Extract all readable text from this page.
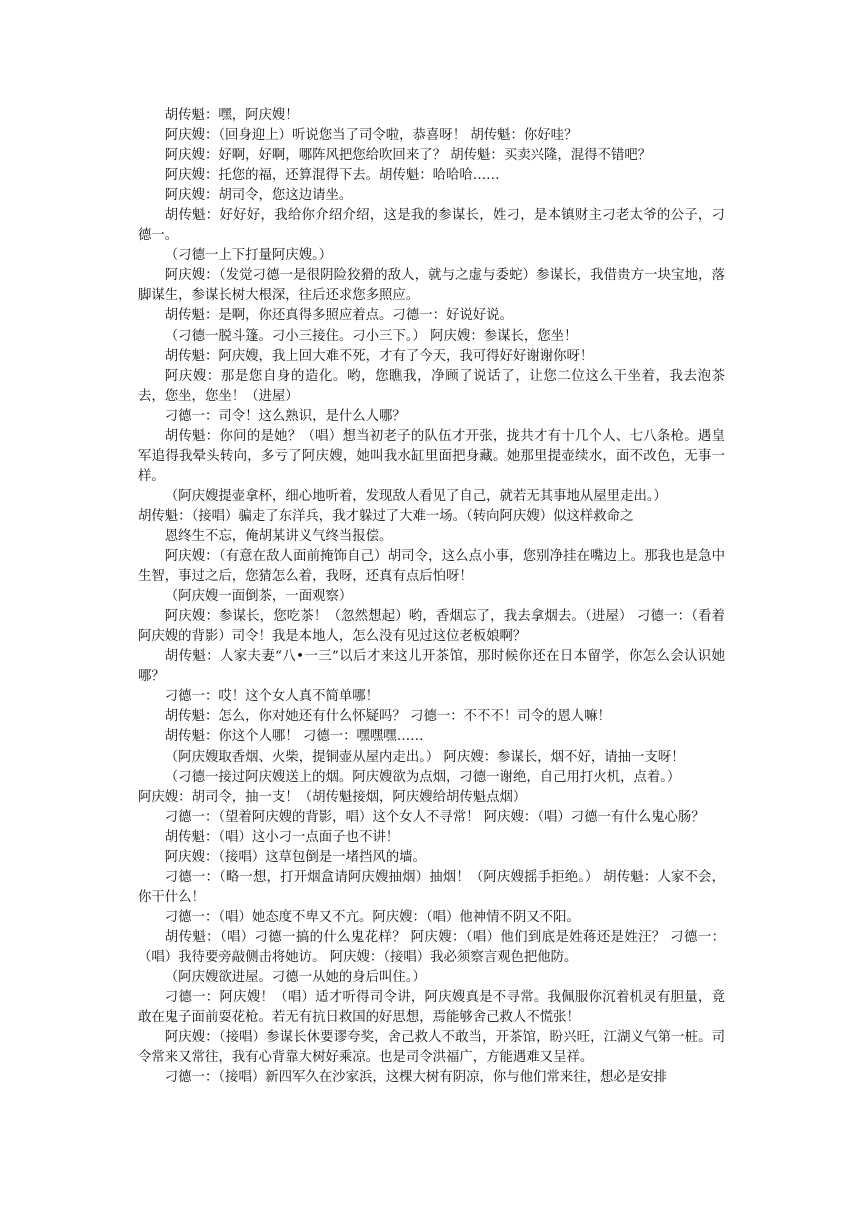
胡传魁：嘿，阿庆嫂！

阿庆嫂：（回身迎上）听说您当了司令啦，恭喜呀！ 胡传魁：你好哇？

阿庆嫂：好啊，好啊，哪阵风把您给吹回来了？ 胡传魁：买卖兴隆，混得不错吧？

阿庆嫂：托您的福，还算混得下去。胡传魁：哈哈哈……

阿庆嫂：胡司令，您这边请坐。

胡传魁：好好好，我给你介绍介绍，这是我的参谋长，姓刁，是本镇财主刁老太爷的公子，刁德一。

（刁德一上下打量阿庆嫂。）

阿庆嫂：（发觉刁德一是很阴险狡猾的敌人，就与之虚与委蛇）参谋长，我借贵方一块宝地，落脚谋生，参谋长树大根深，往后还求您多照应。

胡传魁：是啊，你还真得多照应着点。刁德一：好说好说。

（刁德一脱斗篷。刁小三接住。刁小三下。） 阿庆嫂：参谋长，您坐！

胡传魁：阿庆嫂，我上回大难不死，才有了今天，我可得好好谢谢你呀！

阿庆嫂：那是您自身的造化。哟，您瞧我，净顾了说话了，让您二位这么干坐着，我去泡茶去，您坐，您坐！（进屋）

刁德一：司令！这么熟识，是什么人哪？

胡传魁：你问的是她？（唱）想当初老子的队伍才开张，拢共才有十几个人、七八条枪。遇皇军追得我晕头转向，多亏了阿庆嫂，她叫我水缸里面把身藏。她那里提壶续水，面不改色，无事一样。

（阿庆嫂提壶拿杯，细心地听着，发现敌人看见了自己，就若无其事地从屋里走出。）

胡传魁：（接唱）骗走了东洋兵，我才躲过了大难一场。（转向阿庆嫂）似这样救命之

恩终生不忘，俺胡某讲义气终当报偿。

阿庆嫂：（有意在敌人面前掩饰自己）胡司令，这么点小事，您别净挂在嘴边上。那我也是急中生智，事过之后，您猜怎么着，我呀，还真有点后怕呀！

（阿庆嫂一面倒茶，一面观察）

阿庆嫂：参谋长，您吃茶！（忽然想起）哟，香烟忘了，我去拿烟去。（进屋） 刁德一：（看着阿庆嫂的背影）司令！我是本地人，怎么没有见过这位老板娘啊？

胡传魁：人家夫妻“八•一三”以后才来这儿开茶馆，那时候你还在日本留学，你怎么会认识她哪？

刁德一：哎！这个女人真不简单哪！

胡传魁：怎么，你对她还有什么怀疑吗？ 刁德一：不不不！司令的恩人嘛！

胡传魁：你这个人哪！ 刁德一：嘿嘿嘿……

（阿庆嫂取香烟、火柴，提铜壶从屋内走出。） 阿庆嫂：参谋长，烟不好，请抽一支呀！

（刁德一接过阿庆嫂送上的烟。阿庆嫂欲为点烟，刁德一谢绝，自己用打火机，点着。）

阿庆嫂：胡司令，抽一支！（胡传魁接烟，阿庆嫂给胡传魁点烟）

刁德一：（望着阿庆嫂的背影，唱）这个女人不寻常！ 阿庆嫂：（唱）刁德一有什么鬼心肠？

胡传魁：（唱）这小刁一点面子也不讲！

阿庆嫂：（接唱）这草包倒是一堵挡风的墙。

刁德一：（略一想，打开烟盒请阿庆嫂抽烟）抽烟！（阿庆嫂摇手拒绝。） 胡传魁：人家不会，你干什么！

刁德一：（唱）她态度不卑又不亢。阿庆嫂：（唱）他神情不阴又不阳。

胡传魁：（唱）刁德一搞的什么鬼花样？ 阿庆嫂：（唱）他们到底是姓蒋还是姓汪？ 刁德一：（唱）我待要旁敲侧击将她访。 阿庆嫂：（接唱）我必须察言观色把他防。

（阿庆嫂欲进屋。刁德一从她的身后叫住。）

刁德一：阿庆嫂！（唱）适才听得司令讲，阿庆嫂真是不寻常。我佩服你沉着机灵有胆量，竟敢在鬼子面前耍花枪。若无有抗日救国的好思想，焉能够舍己救人不慌张！

阿庆嫂：（接唱）参谋长休要谬夸奖，舍己救人不敢当，开茶馆，盼兴旺，江湖义气第一桩。司令常来又常往，我有心背靠大树好乘凉。也是司令洪福广，方能遇难又呈祥。

刁德一：（接唱）新四军久在沙家浜，这棵大树有阴凉，你与他们常来往，想必是安排
